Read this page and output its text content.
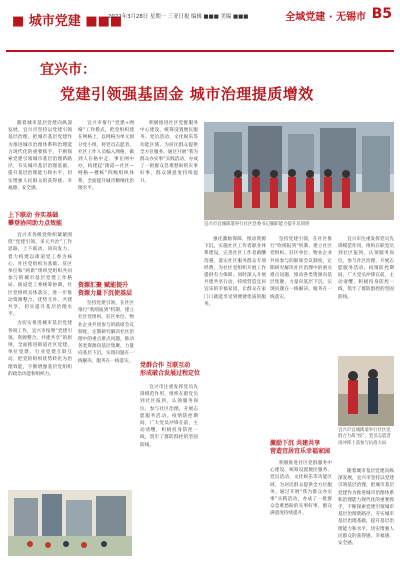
■ 城市党建 ■■■
2022年3月28日 星期一 三亚日报 编辑 ■■■ 美编 ■■■	全域党建 · 无锡市 B5
宜兴市：
党建引领强基固金 城市治理提质增效

随着城市基层党建向纵深发展，宜兴市坚持以党建引领基层治理，把城市基层党建作为推进城市治理体系和治理能力现代化的重要抓手，不断探索党建引领城市基层治理新路径，夯实城市基层治理基础，提升基层治理能力和水平，切实增强人民群众的获得感、幸福感、安全感。

上下联动 夯实基础
攀登协同助力点效能

宜兴市各级党组织紧紧围绕“党建引领、多元共治”工作思路，上下联动、同向发力，着力构建以街道党工委为核心、社区党组织为基础、驻区单位和“两新”组织党组织共同参与的城市基层党建工作格局。街道党工委统筹协调、社区党组织具体落实，进一步推动资源整合、优势互补、共建共享，切实提升基层治理水平。

为切实推进城市基层党建各项工作，宜兴市按照“党建引领、资源整合、共建共享”的原则，全面推进街道社区党建、单位党建、行业党建互联互动，把党的组织优势转化为治理效能，不断增强基层党组织的政治功能和组织力。

宜兴市推行“党建+网格”工作模式，把党组织建在网格上，以网格为单元划分党小组，将党员志愿者、社区工作人员编入网格，做到人在格中走、事在网中办，构建起“街道—社区—网格—楼栋”四级组织体系，全面提升城市精细化治理水平。

资源汇聚 赋能提升
资源力量下沉使基层

坚持党建引领，在社区推行“吹哨报到”机制，建立社区党组织、驻区单位、物业企业共同参与的联席会议制度，定期研究解决社区治理中的重点难点问题，推动各类资源向基层集聚、力量向基层下沉，实现问题在一线解决、服务在一线落实。

积极推进社区党群服务中心建设，统筹设置便民服务、党员活动、文化娱乐等功能区域，为居民群众提供全方位服务。通过开展“我为群众办实事”实践活动，办成了一批群众急难愁盼的实事好事，群众满意度持续提升。

党群合作 互联互动
形成破合发展过程定位

宜兴市注重发挥党员先锋模范作用，组织在职党员到社区报到，认领服务岗位，参与社区治理，开展志愿服务活动。疫情防控期间，广大党员冲锋在前，主动请缨，积极投身防控一线，筑牢了群防群控的坚固防线。

宜兴市宜城街道举行社区党委书记履职能力提升培训班

强化激励保障，推动资源下沉，实施社区工作者职业体系建设，完善社区工作者薪酬待遇，落实社区服务群众专项经费，为社区党组织开展工作提供有力保障。同时深入开展共建共享行动，持续营造宜居宜乐的幸福家园，让群众在家门口就能享受到便捷优质的服务。

激励下沉 共建共享
营造宜居宜乐幸福家园

坚持党建引领，在社区推行“吹哨报到”机制，建立社区党组织、驻区单位、物业企业共同参与的联席会议制度，定期研究解决社区治理中的重点难点问题，推动各类资源向基层集聚、力量向基层下沉，实现问题在一线解决、服务在一线落实。

积极推进社区党群服务中心建设，统筹设置便民服务、党员活动、文化娱乐等功能区域，为居民群众提供全方位服务。通过开展“我为群众办实事”实践活动，办成了一批群众急难愁盼的实事好事，群众满意度持续提升。

宜兴市注重发挥党员先锋模范作用，组织在职党员到社区报到，认领服务岗位，参与社区治理，开展志愿服务活动。疫情防控期间，广大党员冲锋在前，主动请缨，积极投身防控一线，筑牢了群防群控的坚固防线。

宜兴市宜城街道举行社区党群合力战“疫”，党员志愿者再冲锋上前参与抗疫大局

随着城市基层党建向纵深发展，宜兴市坚持以党建引领基层治理，把城市基层党建作为推进城市治理体系和治理能力现代化的重要抓手，不断探索党建引领城市基层治理新路径，夯实城市基层治理基础，提升基层治理能力和水平，切实增强人民群众的获得感、幸福感、安全感。
